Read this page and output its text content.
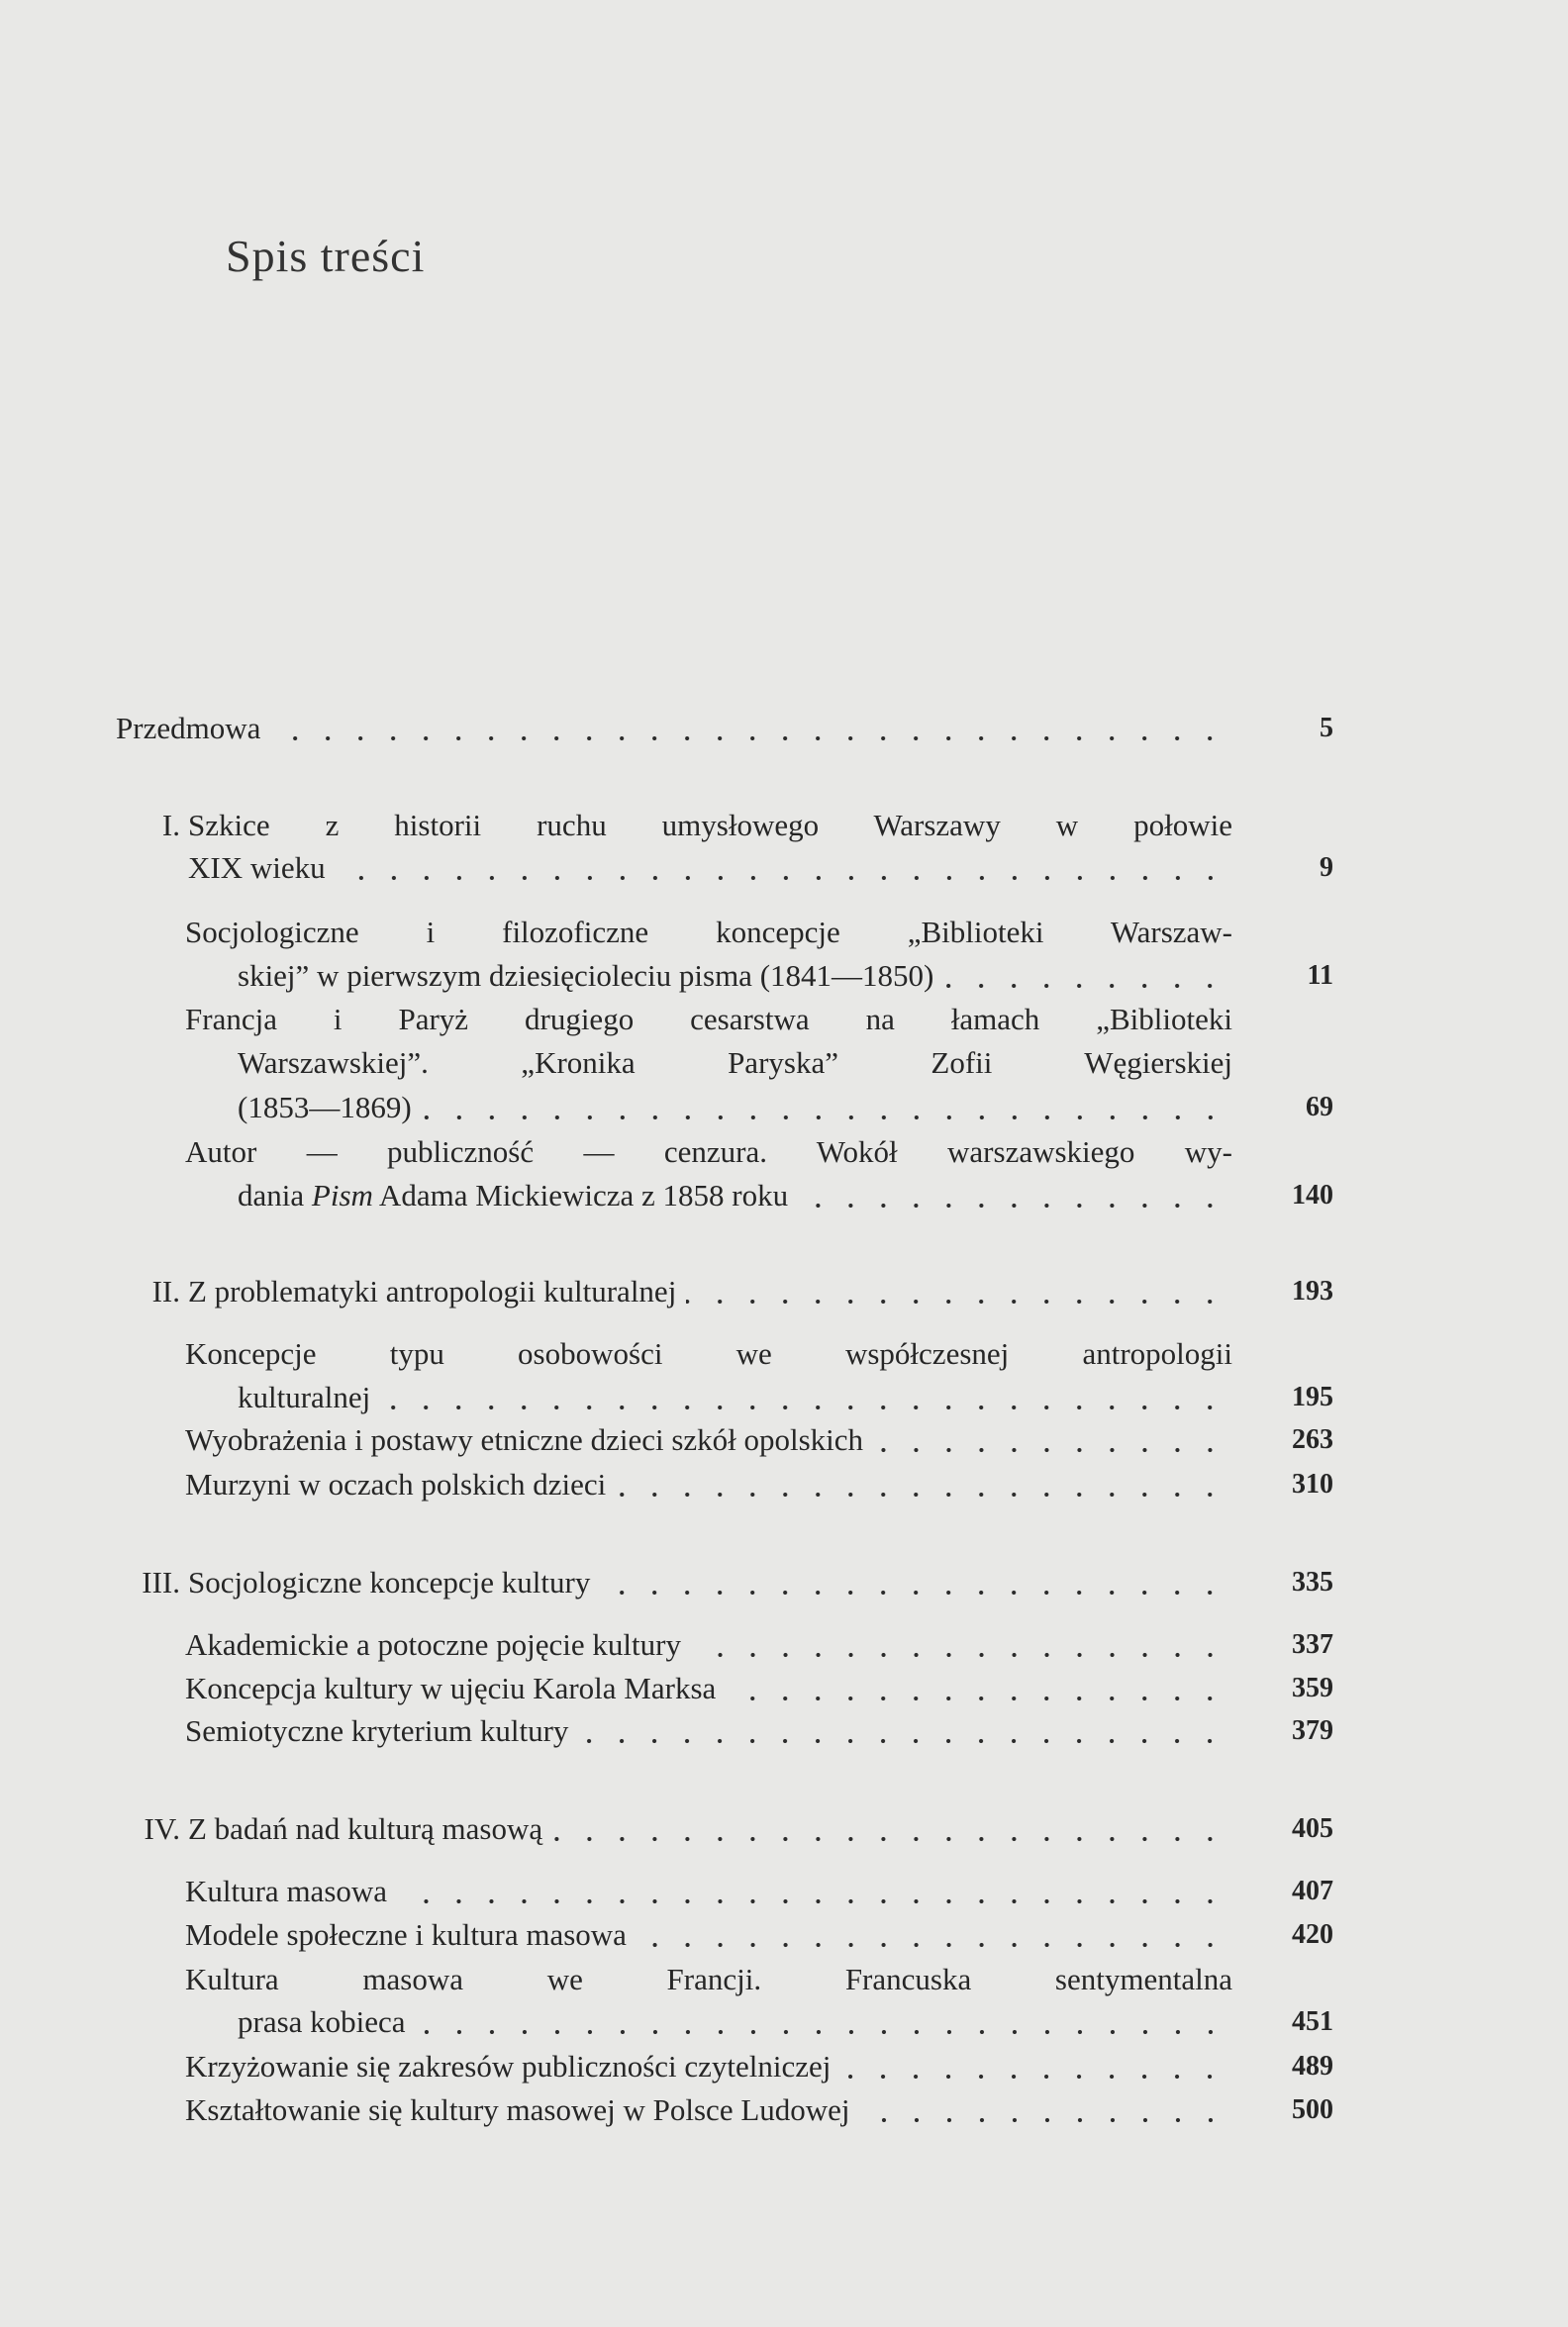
Spis treści
Przedmowa	5
I. Szkice z historii ruchu umysłowego Warszawy w połowie
XIX wieku	9
Socjologiczne i filozoficzne koncepcje „Biblioteki Warszaw-
skiej” w pierwszym dziesięcioleciu pisma (1841—1850)	11
Francja i Paryż drugiego cesarstwa na łamach „Biblioteki
Warszawskiej”. „Kronika Paryska” Zofii Węgierskiej
(1853—1869)	69
Autor — publiczność — cenzura. Wokół warszawskiego wy-
dania Pism Adama Mickiewicza z 1858 roku	140
II. Z problematyki antropologii kulturalnej	193
Koncepcje typu osobowości we współczesnej antropologii
kulturalnej	195
Wyobrażenia i postawy etniczne dzieci szkół opolskich	263
Murzyni w oczach polskich dzieci	310
III. Socjologiczne koncepcje kultury	335
Akademickie a potoczne pojęcie kultury	337
Koncepcja kultury w ujęciu Karola Marksa	359
Semiotyczne kryterium kultury	379
IV. Z badań nad kulturą masową	405
Kultura masowa	407
Modele społeczne i kultura masowa	420
Kultura masowa we Francji. Francuska sentymentalna
prasa kobieca	451
Krzyżowanie się zakresów publiczności czytelniczej	489
Kształtowanie się kultury masowej w Polsce Ludowej	500
